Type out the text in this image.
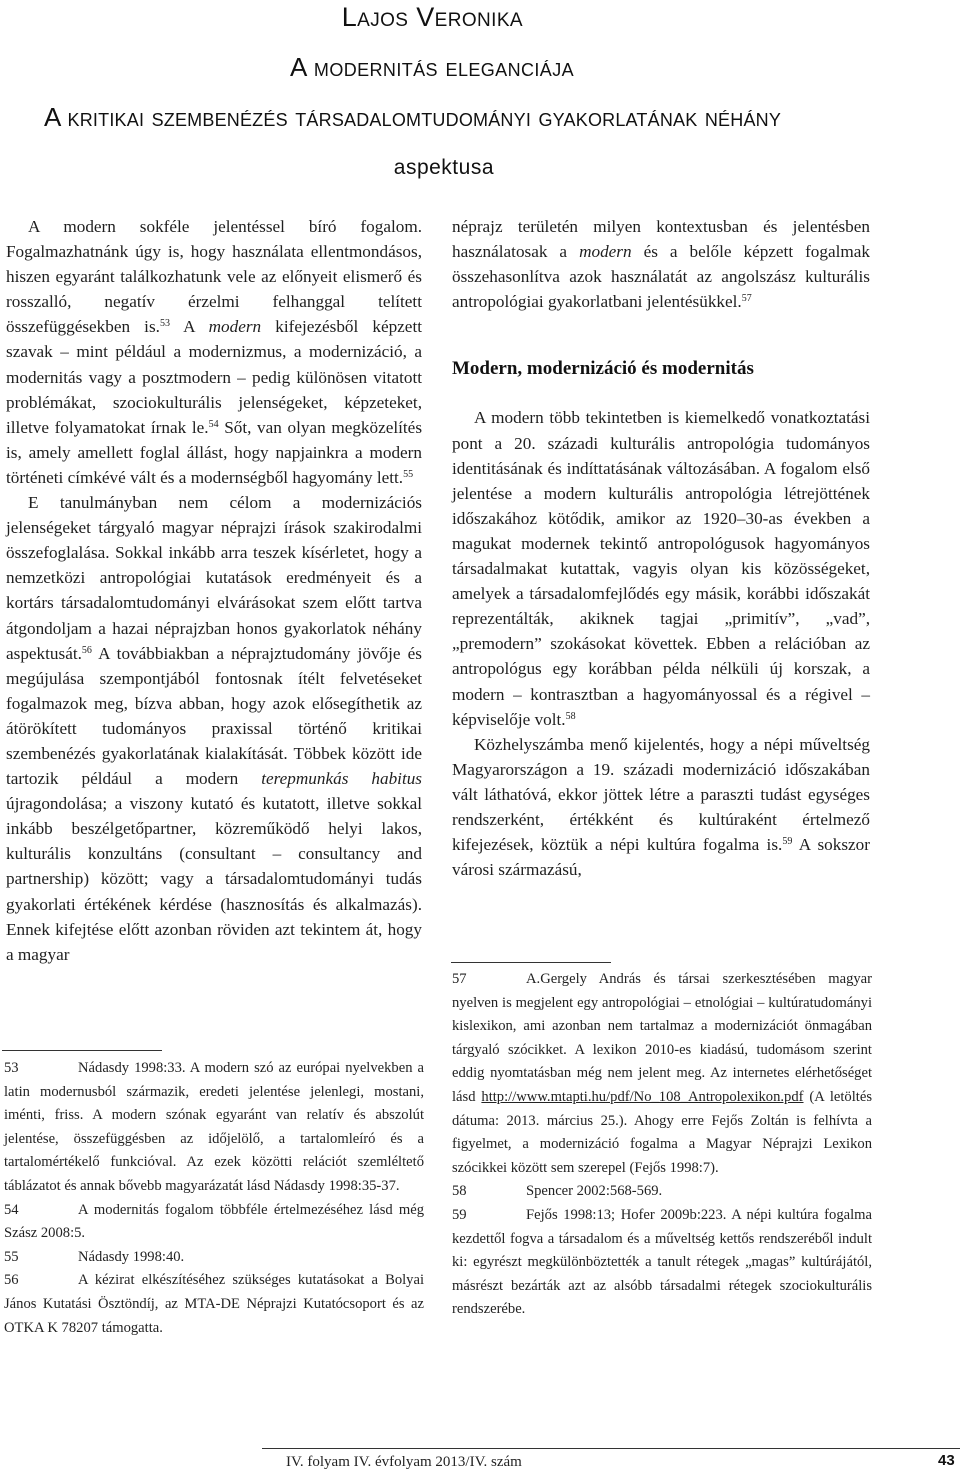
Lajos Veronika
A modernitás eleganciája
A kritikai szembenézés társadalomtudományi gyakorlatának néhány
aspektusa

A modern sokféle jelentéssel bíró fogalom. Fogalmazhatnánk úgy is, hogy használata ellentmondásos, hiszen egyaránt találkozhatunk vele az előnyeit elismerő és rosszalló, negatív érzelmi felhanggal telített összefüggésekben is.$^{53}$ A modern kifejezésből képzett szavak – mint például a modernizmus, a modernizáció, a modernitás vagy a posztmodern – pedig különösen vitatott problémákat, szociokulturális jelenségeket, képzeteket, illetve folyamatokat írnak le.$^{54}$ Sőt, van olyan megközelítés is, amely amellett foglal állást, hogy napjainkra a modern történeti címkévé vált és a modernségből hagyomány lett.$^{55}$

E tanulmányban nem célom a modernizációs jelenségeket tárgyaló magyar néprajzi írások szakirodalmi összefoglalása. Sokkal inkább arra teszek kísérletet, hogy a nemzetközi antropológiai kutatások eredményeit és a kortárs társadalomtudományi elvárásokat szem előtt tartva átgondoljam a hazai néprajzban honos gyakorlatok néhány aspektusát.$^{56}$ A továbbiakban a néprajztudomány jövője és megújulása szempontjából fontosnak ítélt felvetéseket fogalmazok meg, bízva abban, hogy azok elősegíthetik az átörökített tudományos praxissal történő kritikai szembenézés gyakorlatának kialakítását. Többek között ide tartozik például a modern terepmunkás habitus újragondolása; a viszony kutató és kutatott, illetve sokkal inkább beszélgetőpartner, közreműködő helyi lakos, kulturális konzultáns (consultant – consultancy and partnership) között; vagy a társadalomtudományi tudás gyakorlati értékének kérdése (hasznosítás és alkalmazás). Ennek kifejtése előtt azonban röviden azt tekintem át, hogy a magyar

néprajz területén milyen kontextusban és jelentésben használatosak a modern és a belőle képzett fogalmak összehasonlítva azok használatát az angolszász kulturális antropológiai gyakorlatbani jelentésükkel.$^{57}$

Modern, modernizáció és modernitás

A modern több tekintetben is kiemelkedő vonatkoztatási pont a 20. századi kulturális antropológia tudományos identitásának és indíttatásának változásában. A fogalom első jelentése a modern kulturális antropológia létrejöttének időszakához kötődik, amikor az 1920–30-as években a magukat modernek tekintő antropológusok hagyományos társadalmakat kutattak, vagyis olyan kis közösségeket, amelyek a társadalomfejlődés egy másik, korábbi időszakát reprezentálták, akiknek tagjai „primitív”, „vad”, „premodern” szokásokat követtek. Ebben a relációban az antropológus egy korábban példa nélküli új korszak, a modern – kontrasztban a hagyományossal és a régivel – képviselője volt.$^{58}$

Közhelyszámba menő kijelentés, hogy a népi műveltség Magyarországon a 19. századi modernizáció időszakában vált láthatóvá, ekkor jöttek létre a paraszti tudást egységes rendszerként, értékként és kultúraként értelmező kifejezések, köztük a népi kultúra fogalma is.$^{59}$ A sokszor városi származású,

53	Nádasdy 1998:33. A modern szó az európai nyelvekben a latin modernusból származik, eredeti jelentése jelenlegi, mostani, iménti, friss. A modern szónak egyaránt van relatív és abszolút jelentése, összefüggésben az időjelölő, a tartalomleíró és a tartalomértékelő funkcióval. Az ezek közötti relációt szemléltető táblázatot és annak bővebb magyarázatát lásd Nádasdy 1998:35-37.

54	A modernitás fogalom többféle értelmezéséhez lásd még Szász 2008:5.

55	Nádasdy 1998:40.

56	A kézirat elkészítéséhez szükséges kutatásokat a Bolyai János Kutatási Ösztöndíj, az MTA-DE Néprajzi Kutatócsoport és az OTKA K 78207 támogatta.

57	A.Gergely András és társai szerkesztésében magyar nyelven is megjelent egy antropológiai – etnológiai – kultúratudományi kislexikon, ami azonban nem tartalmaz a modernizációt önmagában tárgyaló szócikket. A lexikon 2010-es kiadású, tudomásom szerint eddig nyomtatásban még nem jelent meg. Az internetes elérhetőséget lásd http://www.mtapti.hu/pdf/No_108_Antropolexikon.pdf (A letöltés dátuma: 2013. március 25.). Ahogy erre Fejős Zoltán is felhívta a figyelmet, a modernizáció fogalma a Magyar Néprajzi Lexikon szócikkei között sem szerepel (Fejős 1998:7).

58	Spencer 2002:568-569.

59	Fejős 1998:13; Hofer 2009b:223. A népi kultúra fogalma kezdettől fogva a társadalom és a műveltség kettős rendszeréből indult ki: egyrészt megkülönböztették a tanult rétegek „magas” kultúrájától, másrészt bezárták azt az alsóbb társadalmi rétegek szociokulturális rendszerébe.

IV. folyam IV. évfolyam 2013/IV. szám	43
